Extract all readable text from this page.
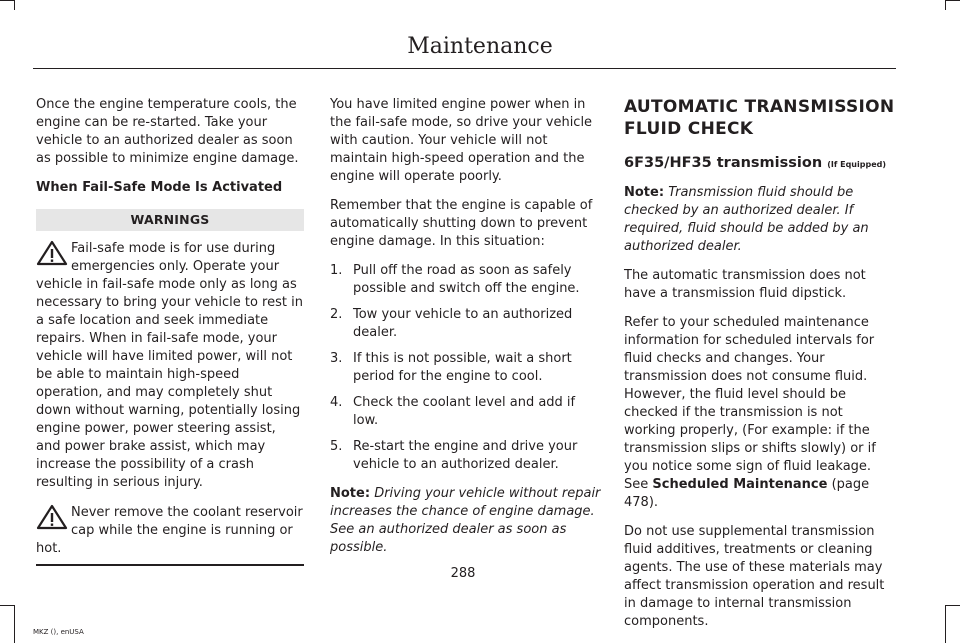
Maintenance

Once the engine temperature cools, the engine can be re-started. Take your vehicle to an authorized dealer as soon as possible to minimize engine damage.

When Fail-Safe Mode Is Activated

WARNINGS
Fail-safe mode is for use during emergencies only. Operate your vehicle in fail-safe mode only as long as necessary to bring your vehicle to rest in a safe location and seek immediate repairs. When in fail-safe mode, your vehicle will have limited power, will not be able to maintain high-speed operation, and may completely shut down without warning, potentially losing engine power, power steering assist, and power brake assist, which may increase the possibility of a crash resulting in serious injury.
Never remove the coolant reservoir cap while the engine is running or hot.

You have limited engine power when in the fail-safe mode, so drive your vehicle with caution. Your vehicle will not maintain high-speed operation and the engine will operate poorly.

Remember that the engine is capable of automatically shutting down to prevent engine damage. In this situation:

1. Pull off the road as soon as safely possible and switch off the engine.
2. Tow your vehicle to an authorized dealer.
3. If this is not possible, wait a short period for the engine to cool.
4. Check the coolant level and add if low.
5. Re-start the engine and drive your vehicle to an authorized dealer.

Note: Driving your vehicle without repair increases the chance of engine damage. See an authorized dealer as soon as possible.

AUTOMATIC TRANSMISSION FLUID CHECK
6F35/HF35 transmission (If Equipped)

Note: Transmission fluid should be checked by an authorized dealer. If required, fluid should be added by an authorized dealer.

The automatic transmission does not have a transmission fluid dipstick.

Refer to your scheduled maintenance information for scheduled intervals for fluid checks and changes. Your transmission does not consume fluid. However, the fluid level should be checked if the transmission is not working properly, (For example: if the transmission slips or shifts slowly) or if you notice some sign of fluid leakage. See Scheduled Maintenance (page 478).

Do not use supplemental transmission fluid additives, treatments or cleaning agents. The use of these materials may affect transmission operation and result in damage to internal transmission components.

288
MKZ (), enUSA
